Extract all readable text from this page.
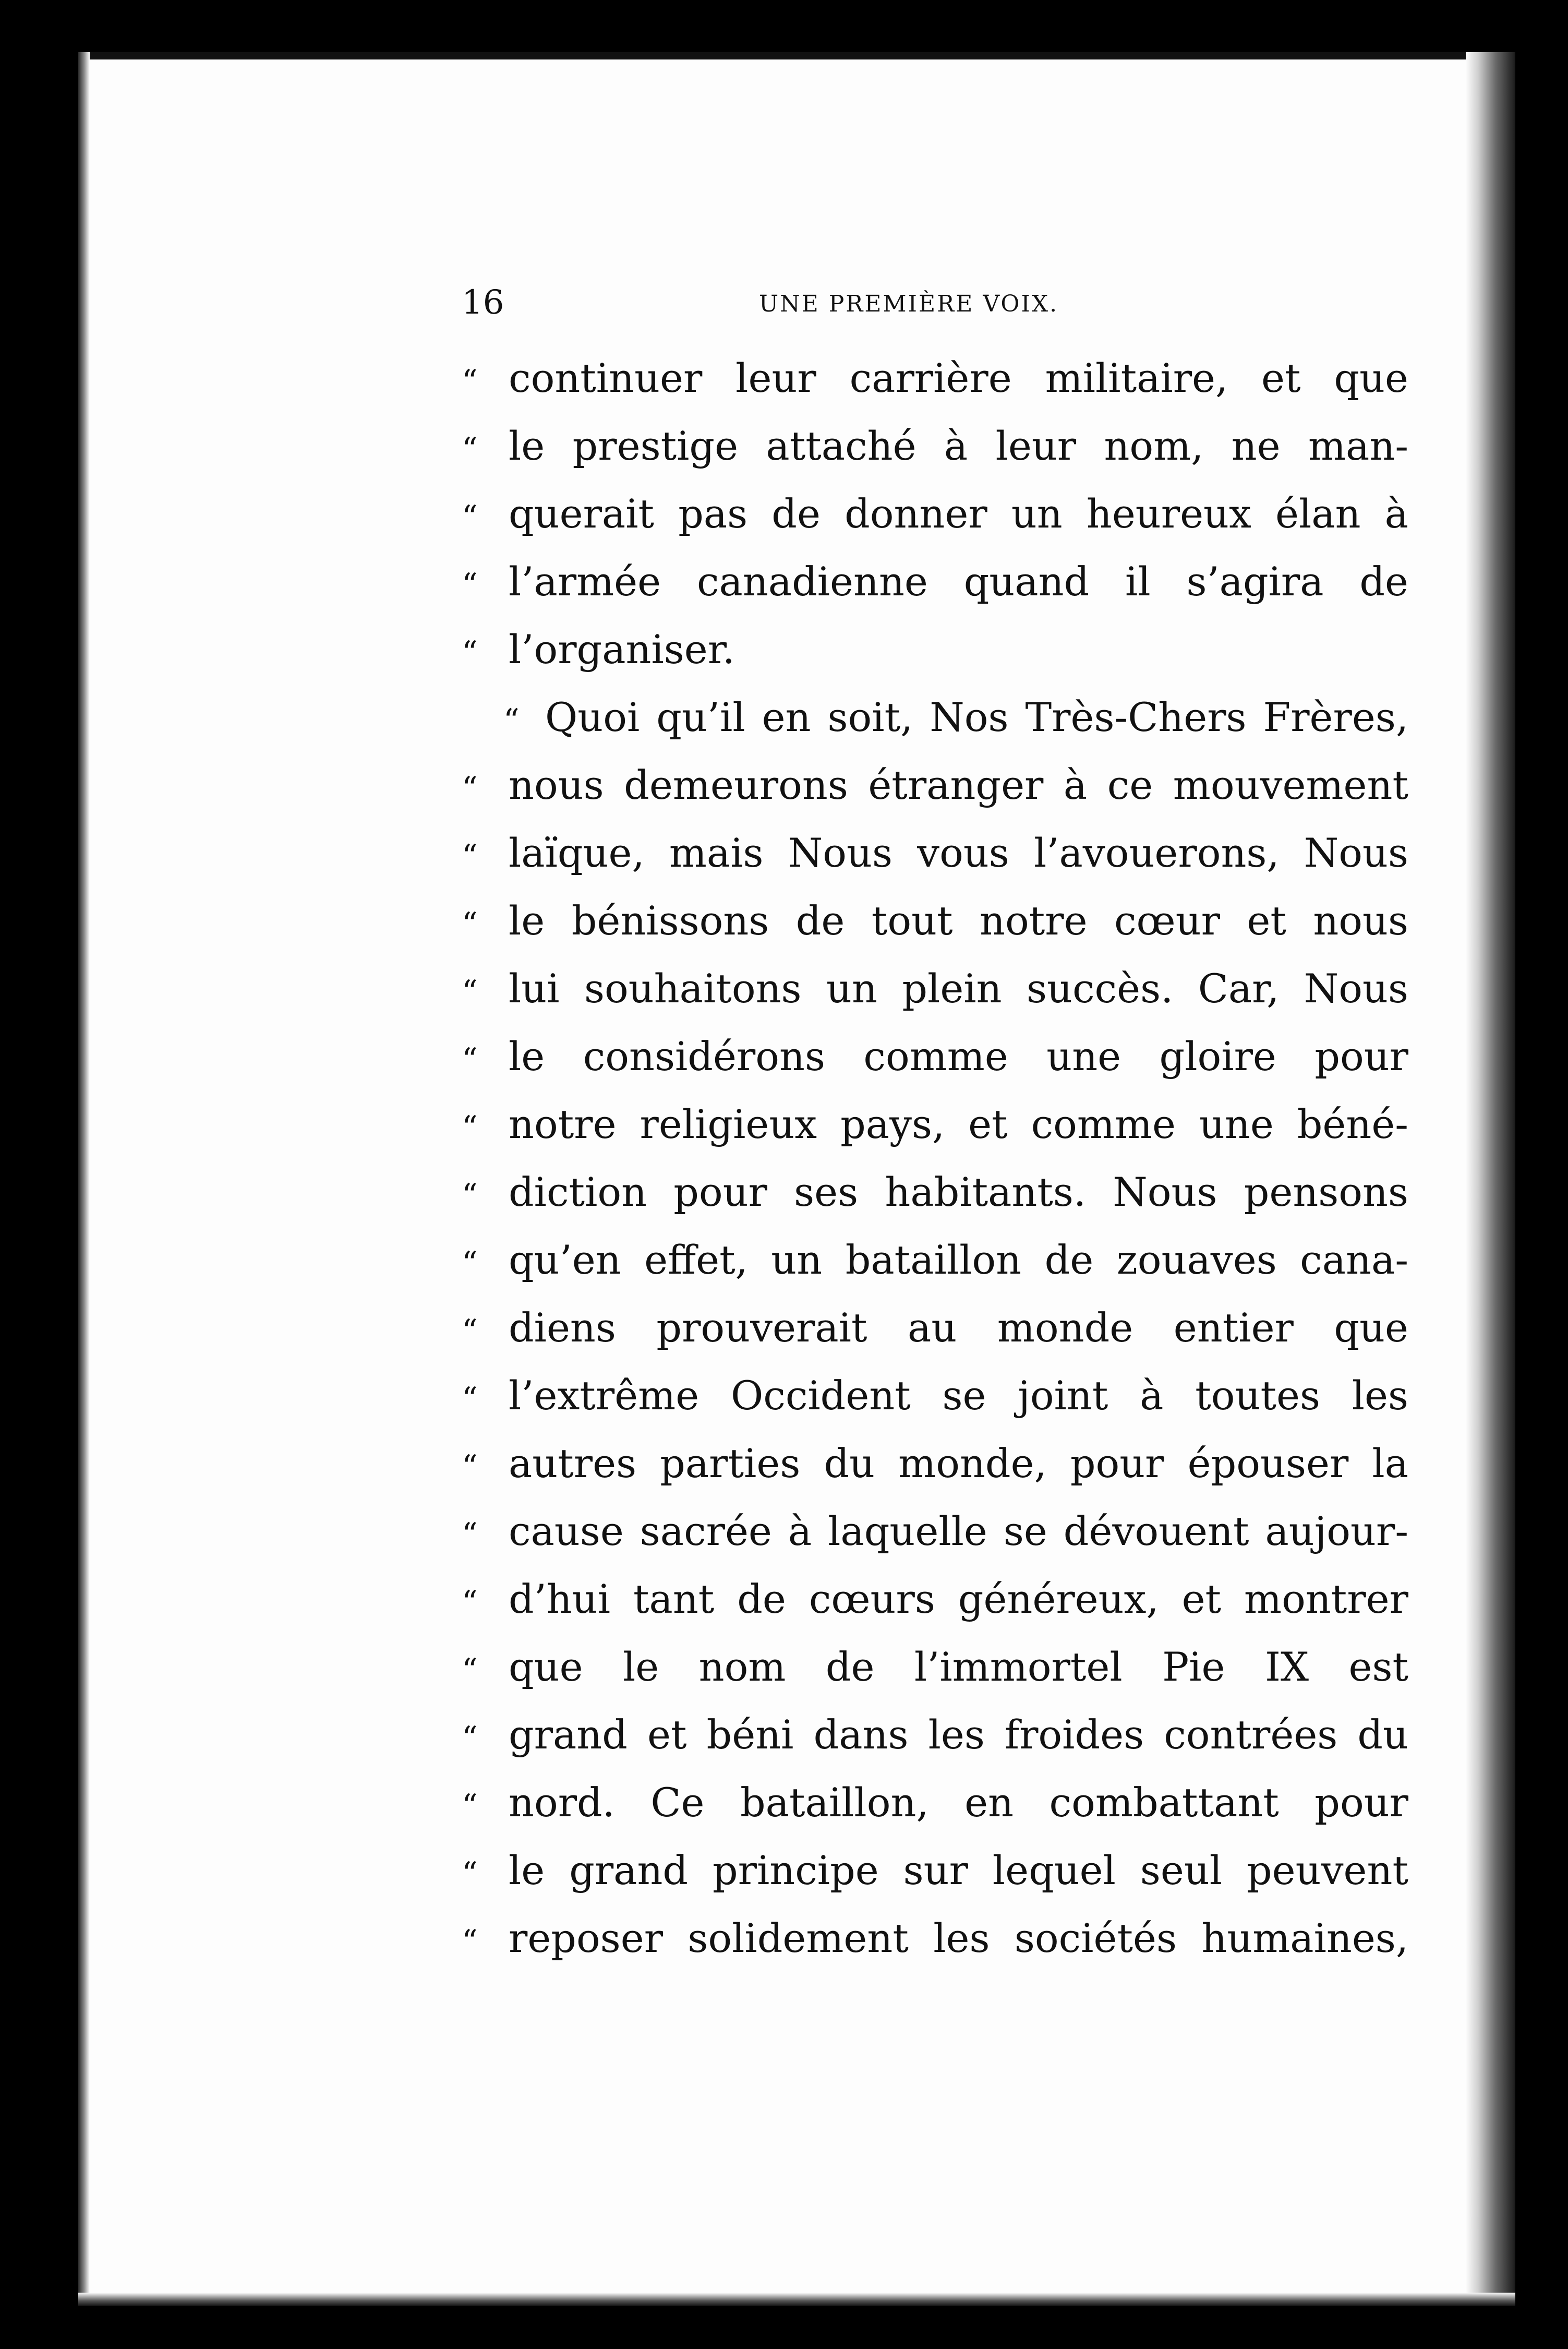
16	UNE PREMIÈRE VOIX.
“ continuer leur carrière militaire, et que
“ le prestige attaché à leur nom, ne man-
“ querait pas de donner un heureux élan à
“ l’armée canadienne quand il s’agira de
“ l’organiser.
“ Quoi qu’il en soit, Nos Très-Chers Frères,
“ nous demeurons étranger à ce mouvement
“ laïque, mais Nous vous l’avouerons, Nous
“ le bénissons de tout notre cœur et nous
“ lui souhaitons un plein succès. Car, Nous
“ le considérons comme une gloire pour
“ notre religieux pays, et comme une béné-
“ diction pour ses habitants. Nous pensons
“ qu’en effet, un bataillon de zouaves cana-
“ diens prouverait au monde entier que
“ l’extrême Occident se joint à toutes les
“ autres parties du monde, pour épouser la
“ cause sacrée à laquelle se dévouent aujour-
“ d’hui tant de cœurs généreux, et montrer
“ que le nom de l’immortel Pie IX est
“ grand et béni dans les froides contrées du
“ nord. Ce bataillon, en combattant pour
“ le grand principe sur lequel seul peuvent
“ reposer solidement les sociétés humaines,
